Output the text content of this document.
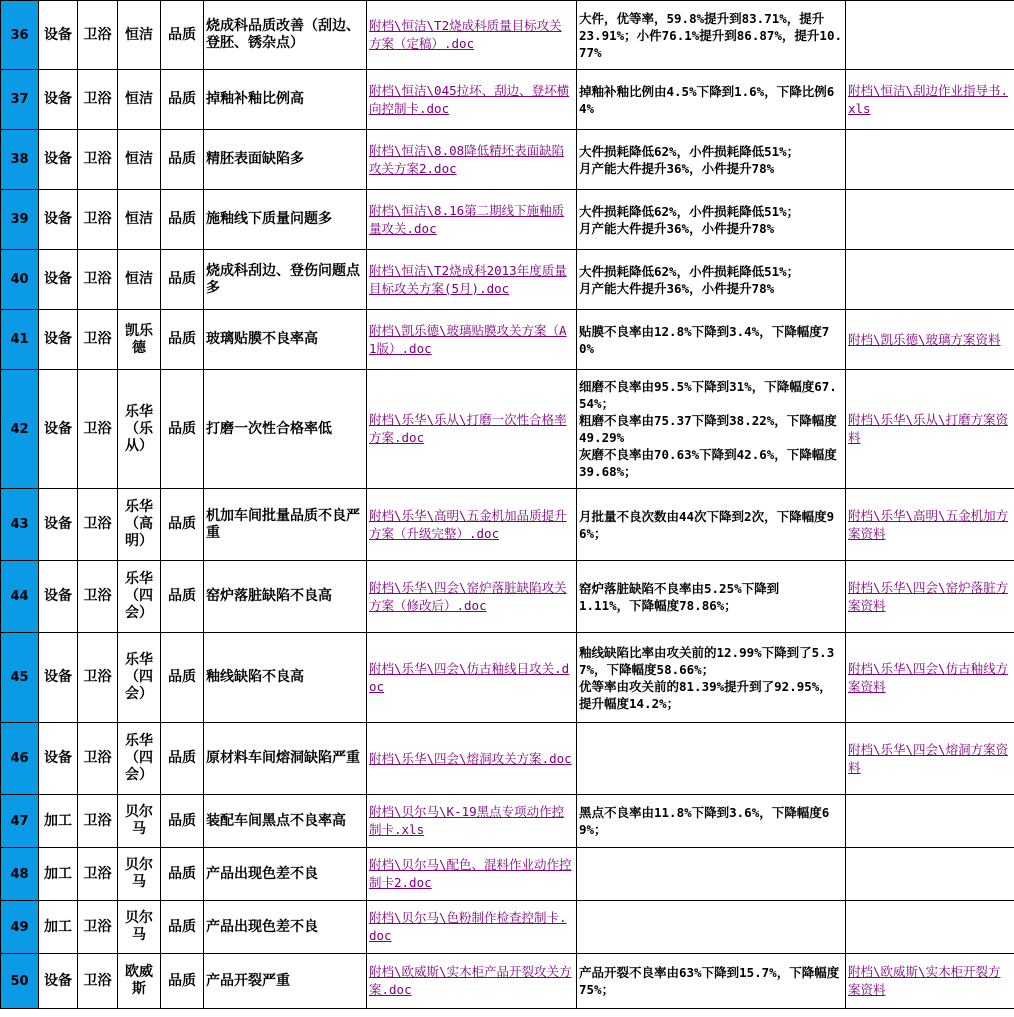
36	设备	卫浴	恒洁	品质	烧成科品质改善（刮边、登胚、锈杂点）	附档\恒洁\T2烧成科质量目标攻关方案（定稿）.doc	大件，优等率，59.8%提升到83.71%，提升
23.91%；小件76.1%提升到86.87%，提升10.77%	

37	设备	卫浴	恒洁	品质	掉釉补釉比例高	附档\恒洁\045拉坏、刮边、登坏横向控制卡.doc	掉釉补釉比例由4.5%下降到1.6%，下降比例64%	附档\恒洁\刮边作业指导书.xls
38	设备	卫浴	恒洁	品质	精胚表面缺陷多	附档\恒洁\8.08降低精坯表面缺陷攻关方案2.doc	大件损耗降低62%，小件损耗降低51%；
月产能大件提升36%，小件提升78%	

39	设备	卫浴	恒洁	品质	施釉线下质量问题多	附档\恒洁\8.16第二期线下施釉质量攻关.doc	大件损耗降低62%，小件损耗降低51%；
月产能大件提升36%，小件提升78%	

40	设备	卫浴	恒洁	品质	烧成科刮边、登伤问题点多	附档\恒洁\T2烧成科2013年度质量目标攻关方案(5月).doc	大件损耗降低62%，小件损耗降低51%；
月产能大件提升36%，小件提升78%	

41	设备	卫浴	凯乐德	品质	玻璃贴膜不良率高	附档\凯乐德\玻璃贴膜攻关方案（A1版）.doc	贴膜不良率由12.8%下降到3.4%，下降幅度70%	附档\凯乐德\玻璃方案资料
42	设备	卫浴	乐华（乐从）	品质	打磨一次性合格率低	附档\乐华\乐从\打磨一次性合格率方案.doc	细磨不良率由95.5%下降到31%，下降幅度67.54%；
粗磨不良率由75.37下降到38.22%，下降幅度49.29%
灰磨不良率由70.63%下降到42.6%，下降幅度39.68%；	附档\乐华\乐从\打磨方案资料
43	设备	卫浴	乐华（高明）	品质	机加车间批量品质不良严重	附档\乐华\高明\五金机加品质提升方案（升级完整）.doc	月批量不良次数由44次下降到2次，下降幅度96%；	附档\乐华\高明\五金机加方案资料
44	设备	卫浴	乐华（四会）	品质	窑炉落脏缺陷不良高	附档\乐华\四会\窑炉落脏缺陷攻关方案（修改后）.doc	窑炉落脏缺陷不良率由5.25%下降到
1.11%，下降幅度78.86%；	附档\乐华\四会\窑炉落脏方案资料
45	设备	卫浴	乐华（四会）	品质	釉线缺陷不良高	附档\乐华\四会\仿古釉线日攻关.doc	釉线缺陷比率由攻关前的12.99%下降到了5.37%，下降幅度58.66%；
优等率由攻关前的81.39%提升到了92.95%，提升幅度14.2%；	附档\乐华\四会\仿古釉线方案资料
46	设备	卫浴	乐华（四会）	品质	原材料车间熔洞缺陷严重	附档\乐华\四会\熔洞攻关方案.doc		附档\乐华\四会\熔洞方案资料
47	加工	卫浴	贝尔马	品质	装配车间黑点不良率高	附档\贝尔马\K-19黑点专项动作控制卡.xls	黑点不良率由11.8%下降到3.6%，下降幅度69%；	

48	加工	卫浴	贝尔马	品质	产品出现色差不良	附档\贝尔马\配色、混料作业动作控制卡2.doc		
49	加工	卫浴	贝尔马	品质	产品出现色差不良	附档\贝尔马\色粉制作检查控制卡.doc		
50	设备	卫浴	欧威斯	品质	产品开裂严重	附档\欧威斯\实木柜产品开裂攻关方案.doc	产品开裂不良率由63%下降到15.7%，下降幅度75%；	附档\欧威斯\实木柜开裂方案资料
